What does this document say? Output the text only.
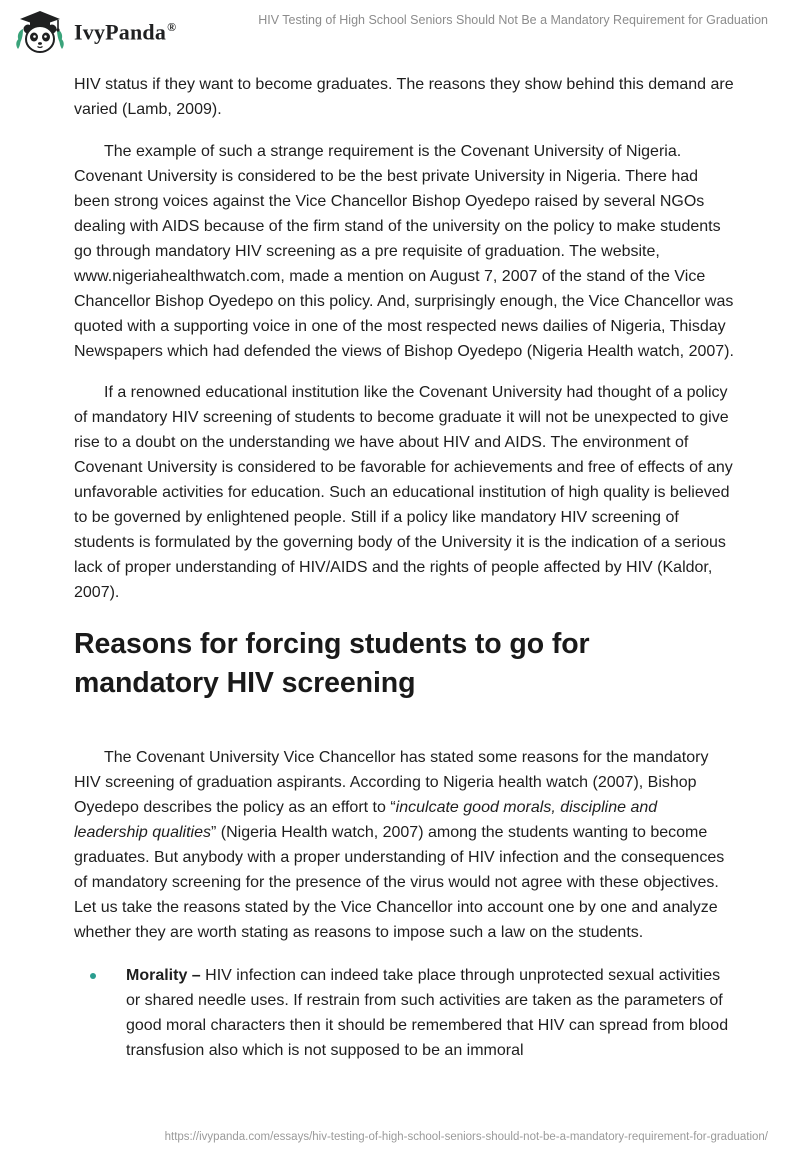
IvyPanda®	HIV Testing of High School Seniors Should Not Be a Mandatory Requirement for Graduation

HIV status if they want to become graduates. The reasons they show behind this demand are varied (Lamb, 2009).

The example of such a strange requirement is the Covenant University of Nigeria. Covenant University is considered to be the best private University in Nigeria. There had been strong voices against the Vice Chancellor Bishop Oyedepo raised by several NGOs dealing with AIDS because of the firm stand of the university on the policy to make students go through mandatory HIV screening as a pre requisite of graduation. The website, www.nigeriahealthwatch.com, made a mention on August 7, 2007 of the stand of the Vice Chancellor Bishop Oyedepo on this policy. And, surprisingly enough, the Vice Chancellor was quoted with a supporting voice in one of the most respected news dailies of Nigeria, Thisday Newspapers which had defended the views of Bishop Oyedepo (Nigeria Health watch, 2007).

If a renowned educational institution like the Covenant University had thought of a policy of mandatory HIV screening of students to become graduate it will not be unexpected to give rise to a doubt on the understanding we have about HIV and AIDS. The environment of Covenant University is considered to be favorable for achievements and free of effects of any unfavorable activities for education. Such an educational institution of high quality is believed to be governed by enlightened people. Still if a policy like mandatory HIV screening of students is formulated by the governing body of the University it is the indication of a serious lack of proper understanding of HIV/AIDS and the rights of people affected by HIV (Kaldor, 2007).

Reasons for forcing students to go for mandatory HIV screening

The Covenant University Vice Chancellor has stated some reasons for the mandatory HIV screening of graduation aspirants. According to Nigeria health watch (2007), Bishop Oyedepo describes the policy as an effort to “inculcate good morals, discipline and leadership qualities” (Nigeria Health watch, 2007) among the students wanting to become graduates. But anybody with a proper understanding of HIV infection and the consequences of mandatory screening for the presence of the virus would not agree with these objectives. Let us take the reasons stated by the Vice Chancellor into account one by one and analyze whether they are worth stating as reasons to impose such a law on the students.

Morality – HIV infection can indeed take place through unprotected sexual activities or shared needle uses. If restrain from such activities are taken as the parameters of good moral characters then it should be remembered that HIV can spread from blood transfusion also which is not supposed to be an immoral
https://ivypanda.com/essays/hiv-testing-of-high-school-seniors-should-not-be-a-mandatory-requirement-for-graduation/
